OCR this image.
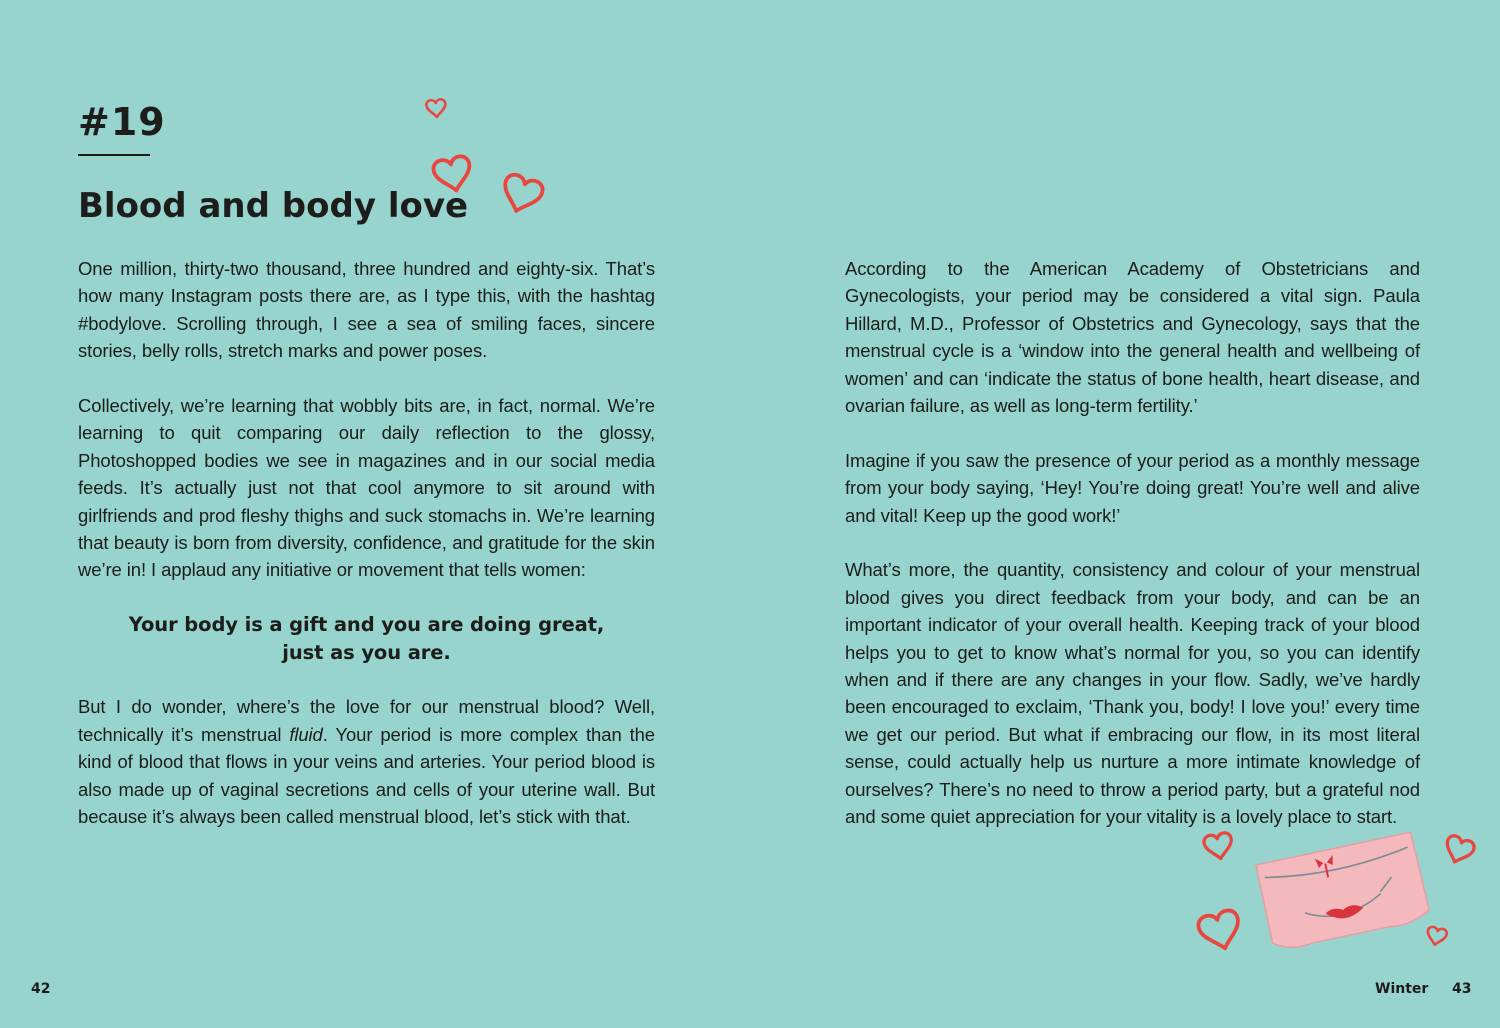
#19
Blood and body love

One million, thirty-two thousand, three hundred and eighty-six. That’s how many Instagram posts there are, as I type this, with the hashtag #bodylove. Scrolling through, I see a sea of smiling faces, sincere stories, belly rolls, stretch marks and power poses.

Collectively, we’re learning that wobbly bits are, in fact, normal. We’re learning to quit comparing our daily reflection to the glossy, Photoshopped bodies we see in magazines and in our social media feeds. It’s actually just not that cool anymore to sit around with girlfriends and prod fleshy thighs and suck stomachs in. We’re learning that beauty is born from diversity, confidence, and gratitude for the skin we’re in! I applaud any initiative or movement that tells women:

Your body is a gift and you are doing great,
just as you are.

But I do wonder, where’s the love for our menstrual blood? Well, technically it’s menstrual fluid. Your period is more complex than the kind of blood that flows in your veins and arteries. Your period blood is also made up of vaginal secretions and cells of your uterine wall. But because it’s always been called menstrual blood, let’s stick with that.

42

According to the American Academy of Obstetricians and Gynecologists, your period may be considered a vital sign. Paula Hillard, M.D., Professor of Obstetrics and Gynecology, says that the menstrual cycle is a ‘window into the general health and wellbeing of women’ and can ‘indicate the status of bone health, heart disease, and ovarian failure, as well as long-term fertility.’

Imagine if you saw the presence of your period as a monthly message from your body saying, ‘Hey! You’re doing great! You’re well and alive and vital! Keep up the good work!’

What’s more, the quantity, consistency and colour of your menstrual blood gives you direct feedback from your body, and can be an important indicator of your overall health. Keeping track of your blood helps you to get to know what’s normal for you, so you can identify when and if there are any changes in your flow. Sadly, we’ve hardly been encouraged to exclaim, ‘Thank you, body! I love you!’ every time we get our period. But what if embracing our flow, in its most literal sense, could actually help us nurture a more intimate knowledge of ourselves? There’s no need to throw a period party, but a grateful nod and some quiet appreciation for your vitality is a lovely place to start.

Winter 43
